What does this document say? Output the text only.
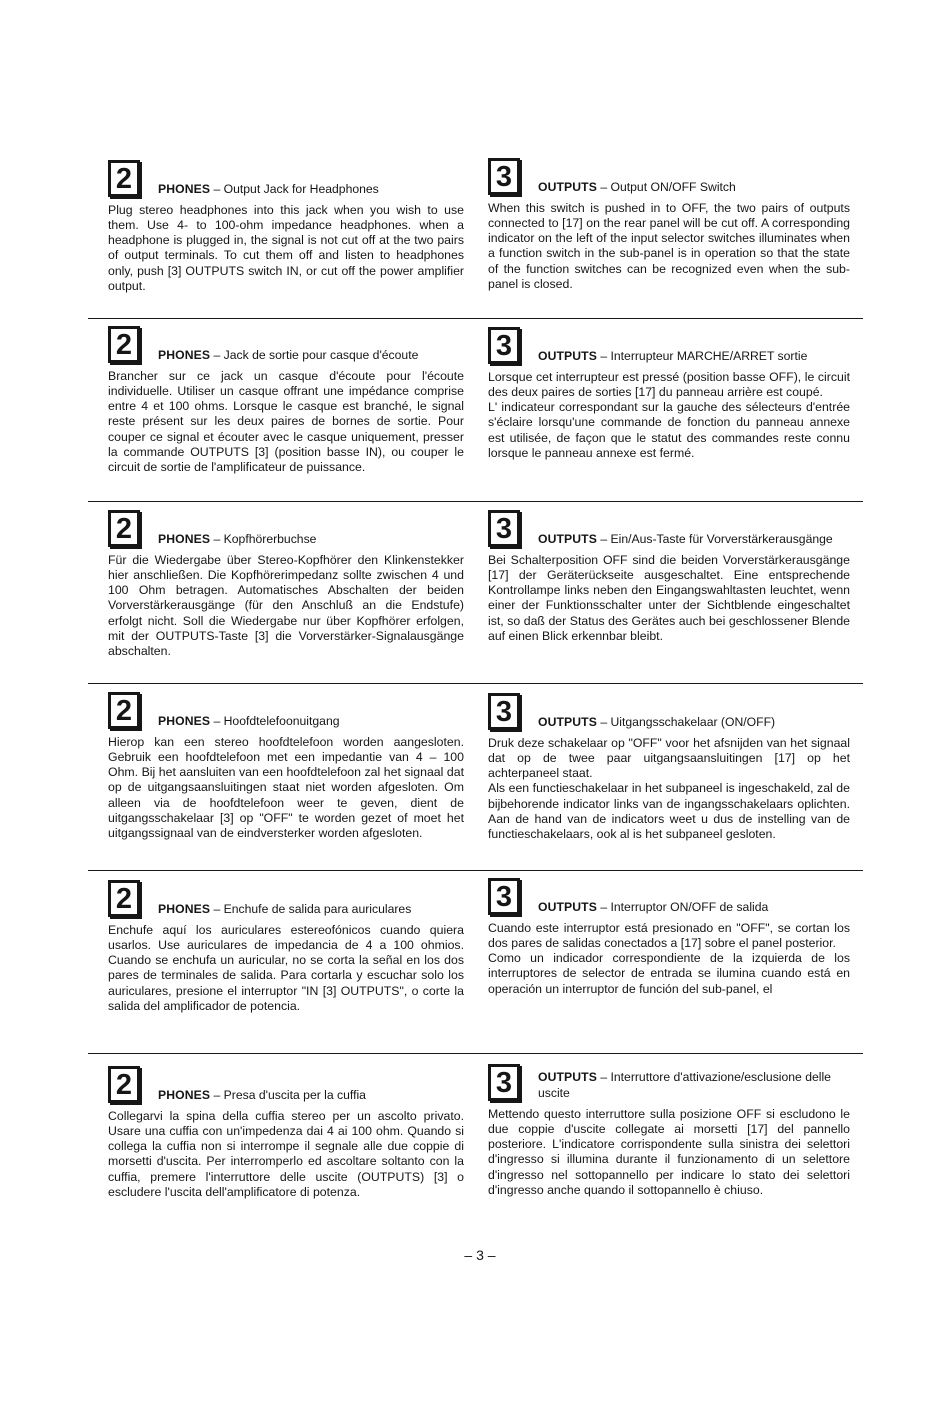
2 PHONES – Output Jack for Headphones
Plug stereo headphones into this jack when you wish to use them. Use 4- to 100-ohm impedance headphones. when a headphone is plugged in, the signal is not cut off at the two pairs of output terminals. To cut them off and listen to headphones only, push [3] OUTPUTS switch IN, or cut off the power amplifier output.
3 OUTPUTS – Output ON/OFF Switch
When this switch is pushed in to OFF, the two pairs of outputs connected to [17] on the rear panel will be cut off. A corresponding indicator on the left of the input selector switches illuminates when a function switch in the sub-panel is in operation so that the state of the function switches can be recognized even when the sub-panel is closed.
2 PHONES – Jack de sortie pour casque d'écoute
Brancher sur ce jack un casque d'écoute pour l'écoute individuelle. Utiliser un casque offrant une impédance comprise entre 4 et 100 ohms. Lorsque le casque est branché, le signal reste présent sur les deux paires de bornes de sortie. Pour couper ce signal et écouter avec le casque uniquement, presser la commande OUTPUTS [3] (position basse IN), ou couper le circuit de sortie de l'amplificateur de puissance.
3 OUTPUTS – Interrupteur MARCHE/ARRET sortie
Lorsque cet interrupteur est pressé (position basse OFF), le circuit des deux paires de sorties [17] du panneau arrière est coupé.
L' indicateur correspondant sur la gauche des sélecteurs d'entrée s'éclaire lorsqu'une commande de fonction du panneau annexe est utilisée, de façon que le statut des commandes reste connu lorsque le panneau annexe est fermé.
2 PHONES – Kopfhörerbuchse
Für die Wiedergabe über Stereo-Kopfhörer den Klinkenstekker hier anschließen. Die Kopfhörerimpedanz sollte zwischen 4 und 100 Ohm betragen. Automatisches Abschalten der beiden Vorverstärkerausgänge (für den Anschluß an die Endstufe) erfolgt nicht. Soll die Wiedergabe nur über Kopfhörer erfolgen, mit der OUTPUTS-Taste [3] die Vorverstärker-Signalausgänge abschalten.
3 OUTPUTS – Ein/Aus-Taste für Vorverstärkerausgänge
Bei Schalterposition OFF sind die beiden Vorverstärkerausgänge [17] der Geräterückseite ausgeschaltet. Eine entsprechende Kontrollampe links neben den Eingangswahltasten leuchtet, wenn einer der Funktionsschalter unter der Sichtblende eingeschaltet ist, so daß der Status des Gerätes auch bei geschlossener Blende auf einen Blick erkennbar bleibt.
2 PHONES – Hoofdtelefoonuitgang
Hierop kan een stereo hoofdtelefoon worden aangesloten. Gebruik een hoofdtelefoon met een impedantie van 4 – 100 Ohm. Bij het aansluiten van een hoofdtelefoon zal het signaal dat op de uitgangsaansluitingen staat niet worden afgesloten. Om alleen via de hoofdtelefoon weer te geven, dient de uitgangsschakelaar [3] op "OFF" te worden gezet of moet het uitgangssignaal van de eindversterker worden afgesloten.
3 OUTPUTS – Uitgangsschakelaar (ON/OFF)
Druk deze schakelaar op "OFF" voor het afsnijden van het signaal dat op de twee paar uitgangsaansluitingen [17] op het achterpaneel staat.
Als een functieschakelaar in het subpaneel is ingeschakeld, zal de bijbehorende indicator links van de ingangsschakelaars oplichten. Aan de hand van de indicators weet u dus de instelling van de functieschakelaars, ook al is het subpaneel gesloten.
2 PHONES – Enchufe de salida para auriculares
Enchufe aquí los auriculares estereofónicos cuando quiera usarlos. Use auriculares de impedancia de 4 a 100 ohmios. Cuando se enchufa un auricular, no se corta la señal en los dos pares de terminales de salida. Para cortarla y escuchar solo los auriculares, presione el interruptor "IN [3] OUTPUTS", o corte la salida del amplificador de potencia.
3 OUTPUTS – Interruptor ON/OFF de salida
Cuando este interruptor está presionado en "OFF", se cortan los dos pares de salidas conectados a [17] sobre el panel posterior.
Como un indicador correspondiente de la izquierda de los interruptores de selector de entrada se ilumina cuando está en operación un interruptor de función del sub-panel, el
2 PHONES – Presa d'uscita per la cuffia
Collegarvi la spina della cuffia stereo per un ascolto privato. Usare una cuffia con un'impedenza dai 4 ai 100 ohm. Quando si collega la cuffia non si interrompe il segnale alle due coppie di morsetti d'uscita. Per interromperlo ed ascoltare soltanto con la cuffia, premere l'interruttore delle uscite (OUTPUTS) [3] o escludere l'uscita dell'amplificatore di potenza.
3 OUTPUTS – Interruttore d'attivazione/esclusione delle uscite
Mettendo questo interruttore sulla posizione OFF si escludono le due coppie d'uscite collegate ai morsetti [17] del pannello posteriore. L'indicatore corrispondente sulla sinistra dei selettori d'ingresso si illumina durante il funzionamento di un selettore d'ingresso nel sottopannello per indicare lo stato dei selettori d'ingresso anche quando il sottopannello è chiuso.
– 3 –
